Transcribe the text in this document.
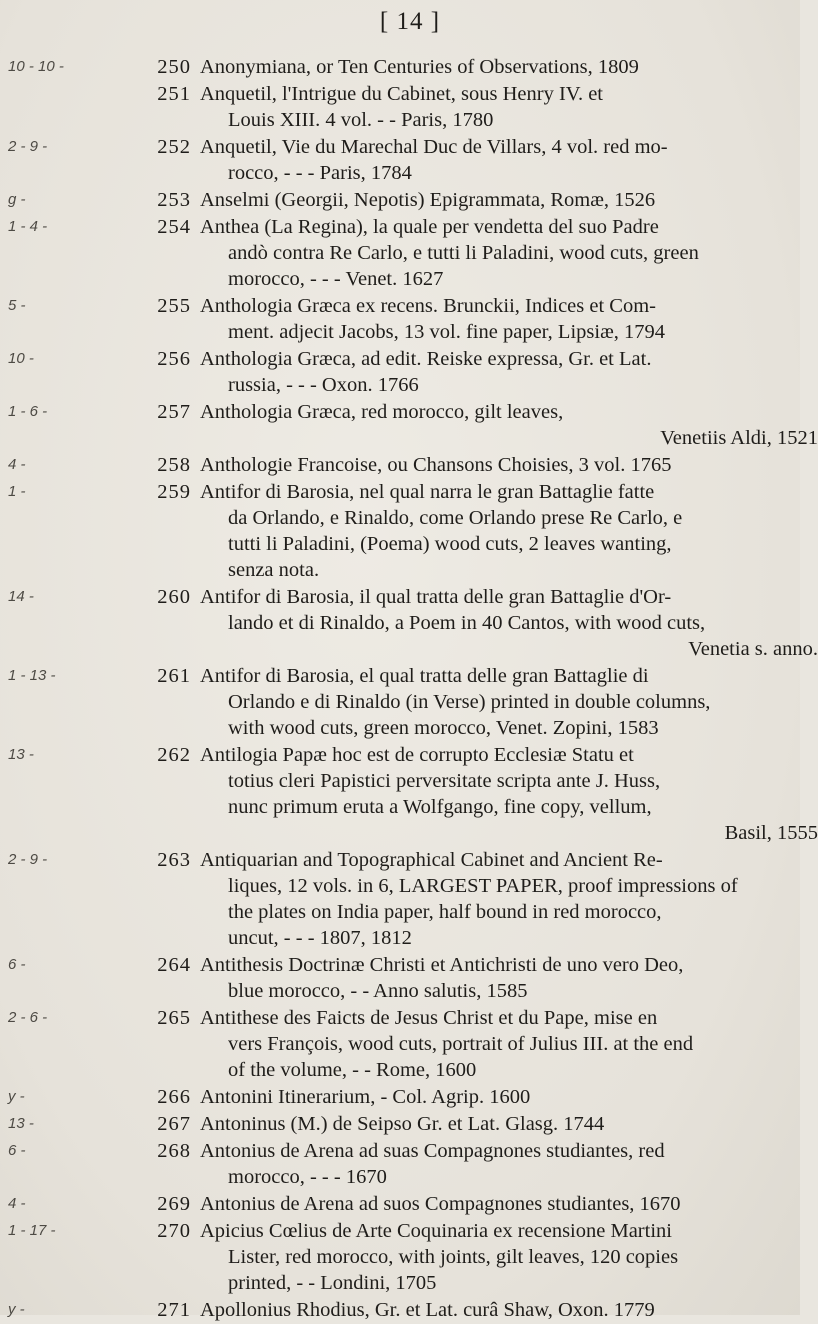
[ 14 ]
10 - 10 -	250 Anonymiana, or Ten Centuries of Observations, 1809
251 Anquetil, l'Intrigue du Cabinet, sous Henry IV. et
Louis XIII. 4 vol. - - Paris, 1780
2 - 9 -	252 Anquetil, Vie du Marechal Duc de Villars, 4 vol. red mo-
rocco, - - - Paris, 1784
g -	253 Anselmi (Georgii, Nepotis) Epigrammata, Romæ, 1526
1 - 4 -	254 Anthea (La Regina), la quale per vendetta del suo Padre
andò contra Re Carlo, e tutti li Paladini, wood cuts, green
morocco, - - - Venet. 1627
5 -	255 Anthologia Græca ex recens. Brunckii, Indices et Com-
ment. adjecit Jacobs, 13 vol. fine paper, Lipsiæ, 1794
10 -	256 Anthologia Græca, ad edit. Reiske expressa, Gr. et Lat.
russia, - - - Oxon. 1766
1 - 6 -	257 Anthologia Græca, red morocco, gilt leaves,
Venetiis Aldi, 1521
4 -	258 Anthologie Francoise, ou Chansons Choisies, 3 vol. 1765
1 -	259 Antifor di Barosia, nel qual narra le gran Battaglie fatte
da Orlando, e Rinaldo, come Orlando prese Re Carlo, e
tutti li Paladini, (Poema) wood cuts, 2 leaves wanting,
senza nota.
14 -	260 Antifor di Barosia, il qual tratta delle gran Battaglie d'Or-
lando et di Rinaldo, a Poem in 40 Cantos, with wood cuts,
Venetia s. anno.
1 - 13 -	261 Antifor di Barosia, el qual tratta delle gran Battaglie di
Orlando e di Rinaldo (in Verse) printed in double columns,
with wood cuts, green morocco, Venet. Zopini, 1583
13 -	262 Antilogia Papæ hoc est de corrupto Ecclesiæ Statu et
totius cleri Papistici perversitate scripta ante J. Huss,
nunc primum eruta a Wolfgango, fine copy, vellum,
Basil, 1555
2 - 9 -	263 Antiquarian and Topographical Cabinet and Ancient Re-
liques, 12 vols. in 6, LARGEST PAPER, proof impressions of
the plates on India paper, half bound in red morocco,
uncut, - - - 1807, 1812
6 -	264 Antithesis Doctrinæ Christi et Antichristi de uno vero Deo,
blue morocco, - - Anno salutis, 1585
2 - 6 -	265 Antithese des Faicts de Jesus Christ et du Pape, mise en
vers François, wood cuts, portrait of Julius III. at the end
of the volume, - - Rome, 1600
y -	266 Antonini Itinerarium, - Col. Agrip. 1600
13 -	267 Antoninus (M.) de Seipso Gr. et Lat. Glasg. 1744
6 -	268 Antonius de Arena ad suas Compagnones studiantes, red
morocco, - - - 1670
4 -	269 Antonius de Arena ad suos Compagnones studiantes, 1670
1 - 17 -	270 Apicius Cœlius de Arte Coquinaria ex recensione Martini
Lister, red morocco, with joints, gilt leaves, 120 copies
printed, - - Londini, 1705
y -	271 Apollonius Rhodius, Gr. et Lat. curâ Shaw, Oxon. 1779
